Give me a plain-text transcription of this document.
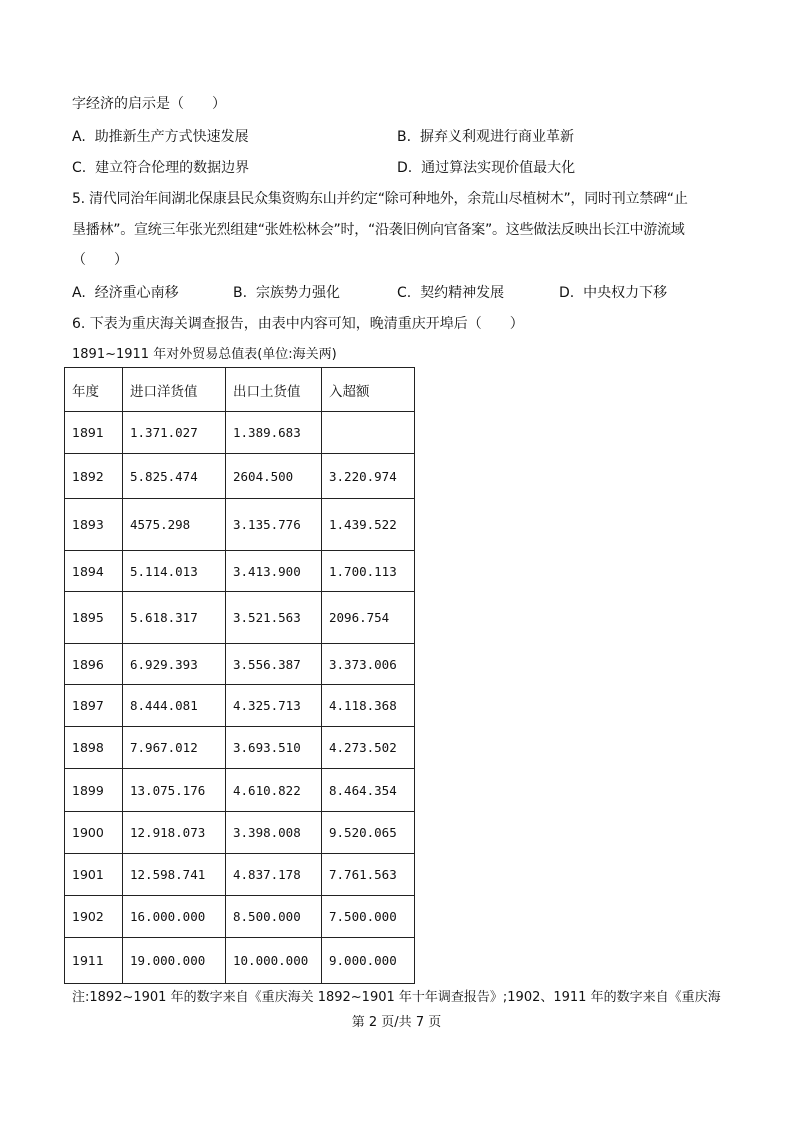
字经济的启示是（　　）
A. 助推新生产方式快速发展	B. 摒弃义利观进行商业革新
C. 建立符合伦理的数据边界	D. 通过算法实现价值最大化
5. 清代同治年间湖北保康县民众集资购东山并约定“除可种地外，余荒山尽植树木”，同时刊立禁碑“止
垦播林”。宣统三年张光烈组建“张姓松林会”时，“沿袭旧例向官备案”。这些做法反映出长江中游流域
（　　）
A. 经济重心南移	B. 宗族势力强化	C. 契约精神发展	D. 中央权力下移
6. 下表为重庆海关调查报告，由表中内容可知，晚清重庆开埠后（　　）
1891~1911 年对外贸易总值表(单位:海关两)
年度	进口洋货值	出口土货值	入超额
1891	1.371.027	1.389.683	
1892	5.825.474	2604.500	3.220.974
1893	4575.298	3.135.776	1.439.522
1894	5.114.013	3.413.900	1.700.113
1895	5.618.317	3.521.563	2096.754
1896	6.929.393	3.556.387	3.373.006
1897	8.444.081	4.325.713	4.118.368
1898	7.967.012	3.693.510	4.273.502
1899	13.075.176	4.610.822	8.464.354
1900	12.918.073	3.398.008	9.520.065
1901	12.598.741	4.837.178	7.761.563
1902	16.000.000	8.500.000	7.500.000
1911	19.000.000	10.000.000	9.000.000
注:1892~1901 年的数字来自《重庆海关 1892~1901 年十年调查报告》;1902、1911 年的数字来自《重庆海
第 2 页/共 7 页
